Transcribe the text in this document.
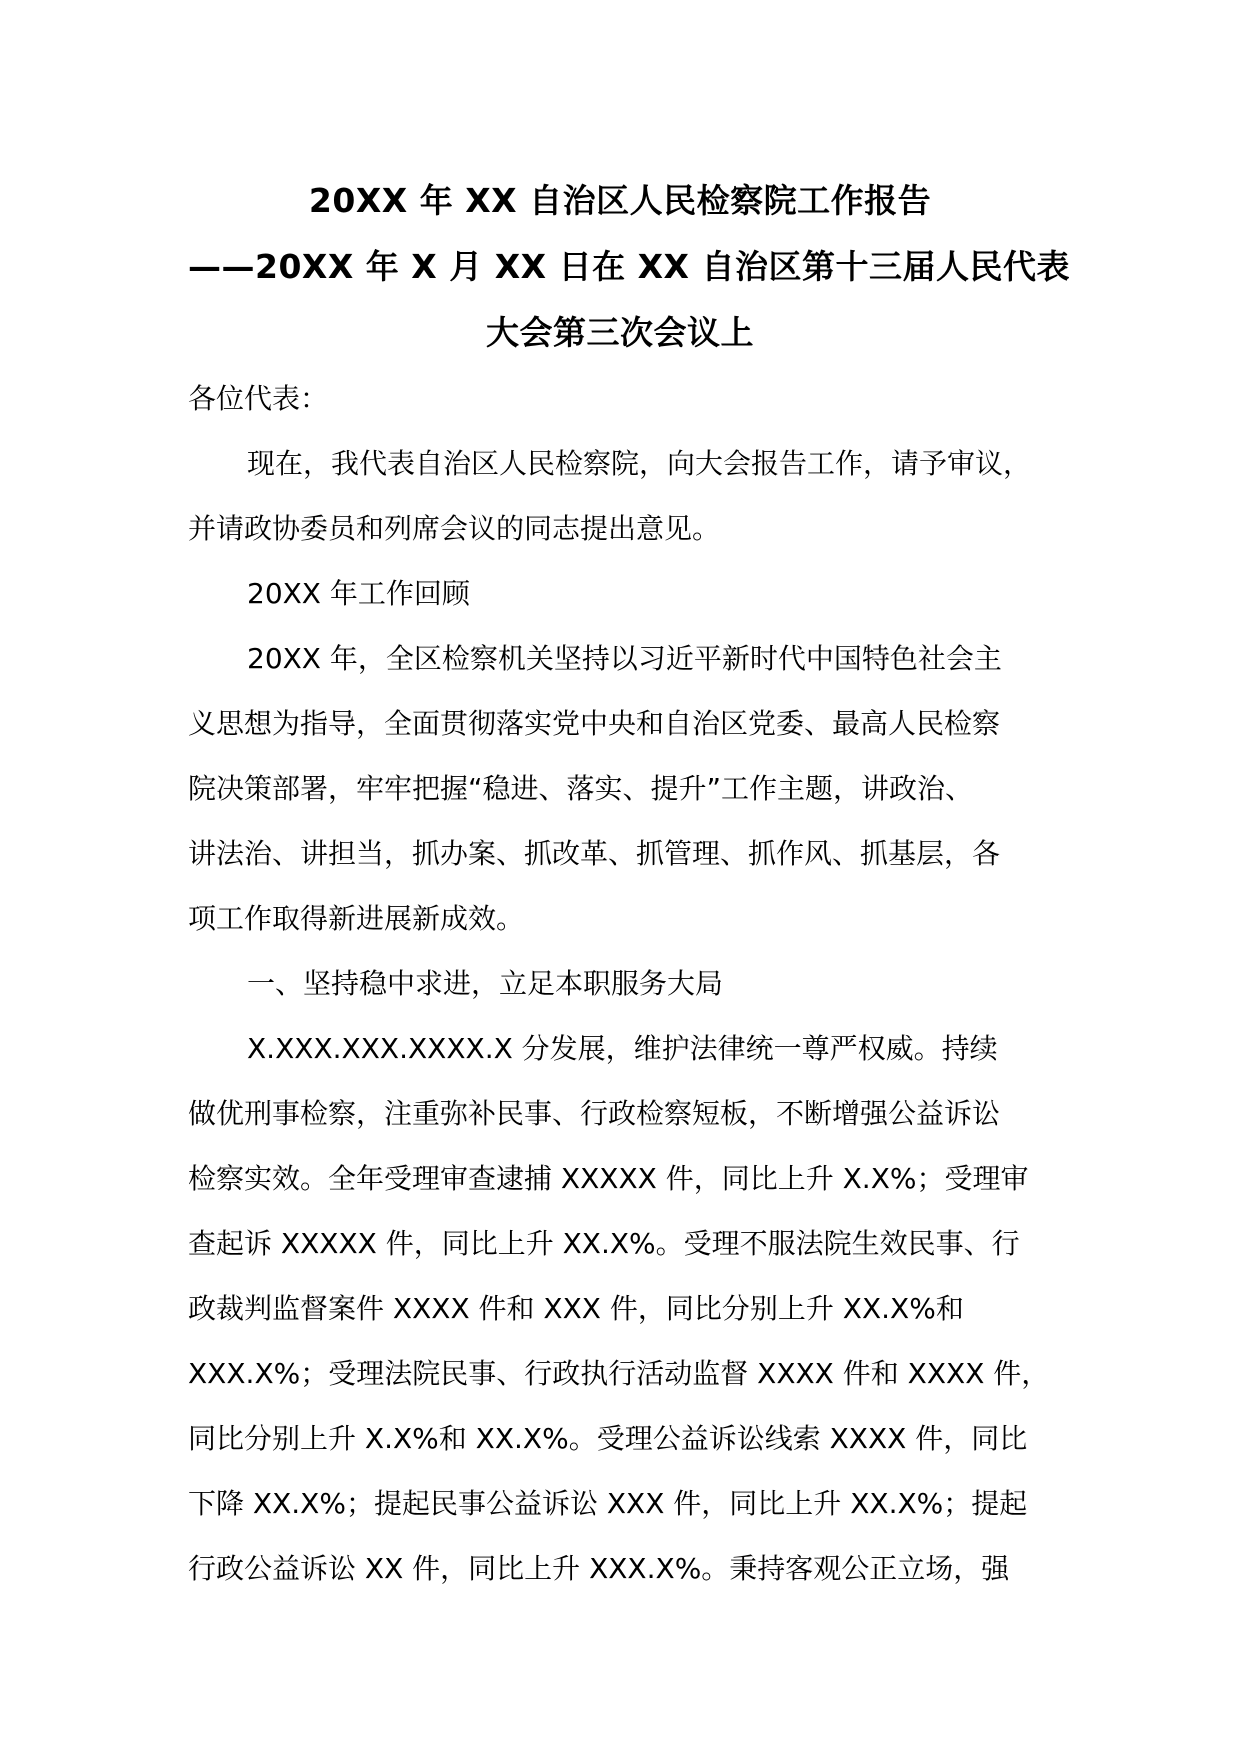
20XX 年 XX 自治区人民检察院工作报告
——20XX 年 X 月 XX 日在 XX 自治区第十三届人民代表
大会第三次会议上
各位代表：
现在，我代表自治区人民检察院，向大会报告工作，请予审议，
并请政协委员和列席会议的同志提出意见。
20XX 年工作回顾
20XX 年，全区检察机关坚持以习近平新时代中国特色社会主
义思想为指导，全面贯彻落实党中央和自治区党委、最高人民检察
院决策部署，牢牢把握“稳进、落实、提升”工作主题，讲政治、
讲法治、讲担当，抓办案、抓改革、抓管理、抓作风、抓基层，各
项工作取得新进展新成效。
一、坚持稳中求进，立足本职服务大局
X.XXX.XXX.XXXX.X 分发展，维护法律统一尊严权威。持续
做优刑事检察，注重弥补民事、行政检察短板，不断增强公益诉讼
检察实效。全年受理审查逮捕 XXXXX 件，同比上升 X.X%；受理审
查起诉 XXXXX 件，同比上升 XX.X%。受理不服法院生效民事、行
政裁判监督案件 XXXX 件和 XXX 件，同比分别上升 XX.X%和
XXX.X%；受理法院民事、行政执行活动监督 XXXX 件和 XXXX 件，
同比分别上升 X.X%和 XX.X%。受理公益诉讼线索 XXXX 件，同比
下降 XX.X%；提起民事公益诉讼 XXX 件，同比上升 XX.X%；提起
行政公益诉讼 XX 件，同比上升 XXX.X%。秉持客观公正立场，强
